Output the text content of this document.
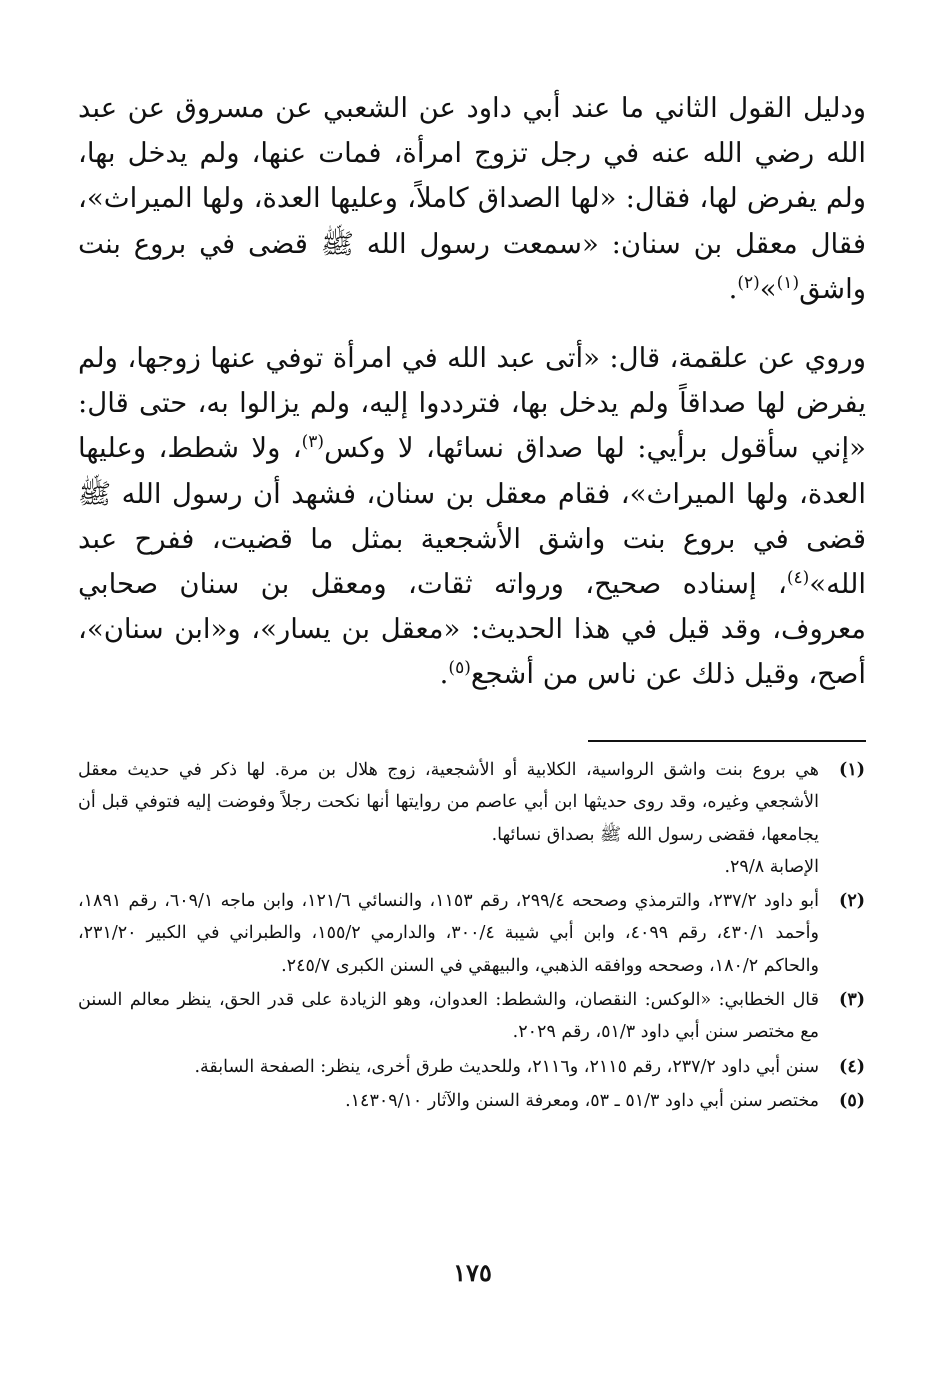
ودليل القول الثاني ما عند أبي داود عن الشعبي عن مسروق عن عبد الله رضي الله عنه في رجل تزوج امرأة، فمات عنها، ولم يدخل بها، ولم يفرض لها، فقال: «لها الصداق كاملاً، وعليها العدة، ولها الميراث»، فقال معقل بن سنان: «سمعت رسول الله ﷺ قضى في بروع بنت واشق$^{(١)}$»$^{(٢)}$.

وروي عن علقمة، قال: «أتى عبد الله في امرأة توفي عنها زوجها، ولم يفرض لها صداقاً ولم يدخل بها، فترددوا إليه، ولم يزالوا به، حتى قال: «إني سأقول برأيي: لها صداق نسائها، لا وكس$^{(٣)}$، ولا شطط، وعليها العدة، ولها الميراث»، فقام معقل بن سنان، فشهد أن رسول الله ﷺ قضى في بروع بنت واشق الأشجعية بمثل ما قضيت، ففرح عبد الله»$^{(٤)}$، إسناده صحيح، ورواته ثقات، ومعقل بن سنان صحابي معروف، وقد قيل في هذا الحديث: «معقل بن يسار»، و«ابن سنان»، أصح، وقيل ذلك عن ناس من أشجع$^{(٥)}$.

(١)
هي بروع بنت واشق الرواسية، الكلابية أو الأشجعية، زوج هلال بن مرة. لها ذكر في حديث معقل الأشجعي وغيره، وقد روى حديثها ابن أبي عاصم من روايتها أنها نكحت رجلاً وفوضت إليه فتوفي قبل أن يجامعها، فقضى رسول الله ﷺ بصداق نسائها.
الإصابة ٢٩/٨.
(٢)
أبو داود ٢٣٧/٢، والترمذي وصححه ٢٩٩/٤، رقم ١١٥٣، والنسائي ١٢١/٦، وابن ماجه ٦٠٩/١، رقم ١٨٩١، وأحمد ٤٣٠/١، رقم ٤٠٩٩، وابن أبي شيبة ٣٠٠/٤، والدارمي ١٥٥/٢، والطبراني في الكبير ٢٣١/٢٠، والحاكم ١٨٠/٢، وصححه ووافقه الذهبي، والبيهقي في السنن الكبرى ٢٤٥/٧.
(٣)
قال الخطابي: «الوكس: النقصان، والشطط: العدوان، وهو الزيادة على قدر الحق، ينظر معالم السنن مع مختصر سنن أبي داود ٥١/٣، رقم ٢٠٢٩.
(٤)
سنن أبي داود ٢٣٧/٢، رقم ٢١١٥، و٢١١٦، وللحديث طرق أخرى، ينظر: الصفحة السابقة.
(٥)
مختصر سنن أبي داود ٥١/٣ ـ ٥٣، ومعرفة السنن والآثار ١٤٣٠٩/١٠.
١٧٥
